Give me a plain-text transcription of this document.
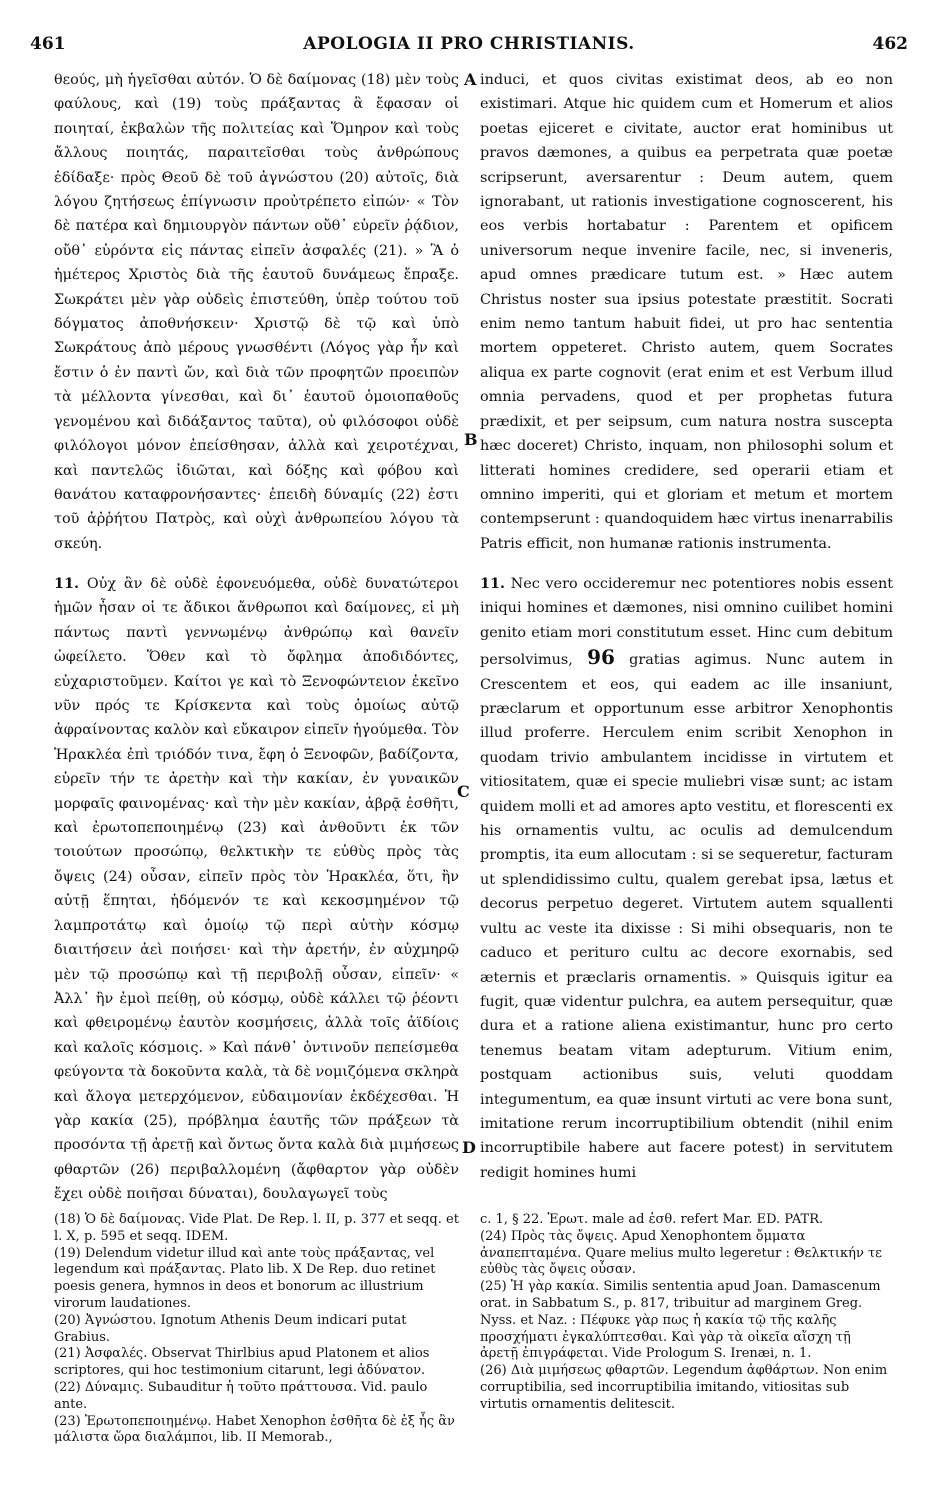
461	APOLOGIA II PRO CHRISTIANIS.	462
A
B
C
D

θεούς, μὴ ἡγεῖσθαι αὐτόν. Ὁ δὲ δαίμονας (18) μὲν τοὺς φαύλους, καὶ (19) τοὺς πράξαντας ἃ ἔφασαν οἱ ποιηταί, ἐκβαλὼν τῆς πολιτείας καὶ Ὅμηρον καὶ τοὺς ἄλλους ποιητάς, παραιτεῖσθαι τοὺς ἀνθρώπους ἐδίδαξε· πρὸς Θεοῦ δὲ τοῦ ἀγνώστου (20) αὐτοῖς, διὰ λόγου ζητήσεως ἐπίγνωσιν προὐτρέπετο εἰπών· « Τὸν δὲ πατέρα καὶ δημιουργὸν πάντων οὔθ᾽ εὑρεῖν ῥᾴδιον, οὔθ᾽ εὑρόντα εἰς πάντας εἰπεῖν ἀσφαλές (21). » Ἃ ὁ ἡμέτερος Χριστὸς διὰ τῆς ἑαυτοῦ δυνάμεως ἔπραξε. Σωκράτει μὲν γὰρ οὐδεὶς ἐπιστεύθη, ὑπὲρ τούτου τοῦ δόγματος ἀποθνήσκειν· Χριστῷ δὲ τῷ καὶ ὑπὸ Σωκράτους ἀπὸ μέρους γνωσθέντι (Λόγος γὰρ ἦν καὶ ἔστιν ὁ ἐν παντὶ ὤν, καὶ διὰ τῶν προφητῶν προειπὼν τὰ μέλλοντα γίνεσθαι, καὶ δι᾽ ἑαυτοῦ ὁμοιοπαθοῦς γενομένου καὶ διδάξαντος ταῦτα), οὐ φιλόσοφοι οὐδὲ φιλόλογοι μόνον ἐπείσθησαν, ἀλλὰ καὶ χειροτέχναι, καὶ παντελῶς ἰδιῶται, καὶ δόξης καὶ φόβου καὶ θανάτου καταφρονήσαντες· ἐπειδὴ δύναμίς (22) ἐστι τοῦ ἀῤῥήτου Πατρὸς, καὶ οὐχὶ ἀνθρωπείου λόγου τὰ σκεύη.

induci, et quos civitas existimat deos, ab eo non existimari. Atque hic quidem cum et Homerum et alios poetas ejiceret e civitate, auctor erat hominibus ut pravos dæmones, a quibus ea perpetrata quæ poetæ scripserunt, aversarentur : Deum autem, quem ignorabant, ut rationis investigatione cognoscerent, his eos verbis hortabatur : Parentem et opificem universorum neque invenire facile, nec, si inveneris, apud omnes prædicare tutum est. » Hæc autem Christus noster sua ipsius potestate præstitit. Socrati enim nemo tantum habuit fidei, ut pro hac sententia mortem oppeteret. Christo autem, quem Socrates aliqua ex parte cognovit (erat enim et est Verbum illud omnia pervadens, quod et per prophetas futura prædixit, et per seipsum, cum natura nostra suscepta hæc doceret) Christo, inquam, non philosophi solum et litterati homines credidere, sed operarii etiam et omnino imperiti, qui et gloriam et metum et mortem contempserunt : quandoquidem hæc virtus inenarrabilis Patris efficit, non humanæ rationis instrumenta.

11. Οὐχ ἂν δὲ οὐδὲ ἐφονευόμεθα, οὐδὲ δυνατώτεροι ἡμῶν ἦσαν οἱ τε ἄδικοι ἄνθρωποι καὶ δαίμονες, εἰ μὴ πάντως παντὶ γεννωμένῳ ἀνθρώπῳ καὶ θανεῖν ὠφείλετο. Ὅθεν καὶ τὸ ὄφλημα ἀποδιδόντες, εὐχαριστοῦμεν. Καίτοι γε καὶ τὸ Ξενοφώντειον ἐκεῖνο νῦν πρός τε Κρίσκεντα καὶ τοὺς ὁμοίως αὐτῷ ἀφραίνοντας καλὸν καὶ εὔκαιρον εἰπεῖν ἡγούμεθα. Τὸν Ἡρακλέα ἐπὶ τριόδόν τινα, ἔφη ὁ Ξενοφῶν, βαδίζοντα, εὑρεῖν τήν τε ἀρετὴν καὶ τὴν κακίαν, ἐν γυναικῶν μορφαῖς φαινομένας· καὶ τὴν μὲν κακίαν, ἁβρᾷ ἐσθῆτι, καὶ ἐρωτοπεποιημένῳ (23) καὶ ἀνθοῦντι ἐκ τῶν τοιούτων προσώπῳ, θελκτικὴν τε εὐθὺς πρὸς τὰς ὄψεις (24) οὖσαν, εἰπεῖν πρὸς τὸν Ἡρακλέα, ὅτι, ἢν αὐτῇ ἕπηται, ἡδόμενόν τε καὶ κεκοσμημένον τῷ λαμπροτάτῳ καὶ ὁμοίῳ τῷ περὶ αὐτὴν κόσμῳ διαιτήσειν ἀεὶ ποιήσει· καὶ τὴν ἀρετήν, ἐν αὐχμηρῷ μὲν τῷ προσώπῳ καὶ τῇ περιβολῇ οὖσαν, εἰπεῖν· « Ἀλλ᾽ ἢν ἐμοὶ πείθῃ, οὐ κόσμῳ, οὐδὲ κάλλει τῷ ῥέοντι καὶ φθειρομένῳ ἑαυτὸν κοσμήσεις, ἀλλὰ τοῖς ἀϊδίοις καὶ καλοῖς κόσμοις. » Καὶ πάνθ᾽ ὁντινοῦν πεπείσμεθα φεύγοντα τὰ δοκοῦντα καλὰ, τὰ δὲ νομιζόμενα σκληρὰ καὶ ἄλογα μετερχόμενον, εὐδαιμονίαν ἐκδέχεσθαι. Ἡ γὰρ κακία (25), πρόβλημα ἑαυτῆς τῶν πράξεων τὰ προσόντα τῇ ἀρετῇ καὶ ὄντως ὄντα καλὰ διὰ μιμήσεως φθαρτῶν (26) περιβαλλομένη (ἄφθαρτον γὰρ οὐδὲν ἔχει οὐδὲ ποιῆσαι δύναται), δουλαγωγεῖ τοὺς

11. Nec vero occideremur nec potentiores nobis essent iniqui homines et dæmones, nisi omnino cuilibet homini genito etiam mori constitutum esset. Hinc cum debitum persolvimus, 96 gratias agimus. Nunc autem in Crescentem et eos, qui eadem ac ille insaniunt, præclarum et opportunum esse arbitror Xenophontis illud proferre. Herculem enim scribit Xenophon in quodam trivio ambulantem incidisse in virtutem et vitiositatem, quæ ei specie muliebri visæ sunt; ac istam quidem molli et ad amores apto vestitu, et florescenti ex his ornamentis vultu, ac oculis ad demulcendum promptis, ita eum allocutam : si se sequeretur, facturam ut splendidissimo cultu, qualem gerebat ipsa, lætus et decorus perpetuo degeret. Virtutem autem squallenti vultu ac veste ita dixisse : Si mihi obsequaris, non te caduco et perituro cultu ac decore exornabis, sed æternis et præclaris ornamentis. » Quisquis igitur ea fugit, quæ videntur pulchra, ea autem persequitur, quæ dura et a ratione aliena existimantur, hunc pro certo tenemus beatam vitam adepturum. Vitium enim, postquam actionibus suis, veluti quoddam integumentum, ea quæ insunt virtuti ac vere bona sunt, imitatione rerum incorruptibilium obtendit (nihil enim incorruptibile habere aut facere potest) in servitutem redigit homines humi

(18) Ὁ δὲ δαίμονας. Vide Plat. De Rep. l. II, p. 377 et seqq. et l. X, p. 595 et seqq. IDEM.

(19) Delendum videtur illud καὶ ante τοὺς πράξαντας, vel legendum καὶ πράξαντας. Plato lib. X De Rep. duo retinet poesis genera, hymnos in deos et bonorum ac illustrium virorum laudationes.

(20) Ἀγνώστου. Ignotum Athenis Deum indicari putat Grabius.

(21) Ἀσφαλές. Observat Thirlbius apud Platonem et alios scriptores, qui hoc testimonium citarunt, legi ἀδύνατον.

(22) Δύναμις. Subauditur ἡ τοῦτο πράττουσα. Vid. paulo ante.

(23) Ἐρωτοπεποιημένῳ. Habet Xenophon ἐσθῆτα δὲ ἐξ ἧς ἂν μάλιστα ὥρα διαλάμποι, lib. II Memorab.,

c. 1, § 22. Ἐρωτ. male ad ἐσθ. refert Mar. ED. PATR.

(24) Πρὸς τὰς ὄψεις. Apud Xenophontem ὄμματα ἀναπεπταμένα. Quare melius multo legeretur : Θελκτικήν τε εὐθὺς τὰς ὄψεις οὖσαν.

(25) Ἡ γὰρ κακία. Similis sententia apud Joan. Damascenum orat. in Sabbatum S., p. 817, tribuitur ad marginem Greg. Nyss. et Naz. : Πέφυκε γὰρ πως ἡ κακία τῷ τῆς καλῆς προσχήματι ἐγκαλύπτεσθαι. Καὶ γὰρ τὰ οἰκεῖα αἴσχη τῇ ἀρετῇ ἐπιγράφεται. Vide Prologum S. Irenæi, n. 1.

(26) Διὰ μιμήσεως φθαρτῶν. Legendum ἀφθάρτων. Non enim corruptibilia, sed incorruptibilia imitando, vitiositas sub virtutis ornamentis delitescit.
